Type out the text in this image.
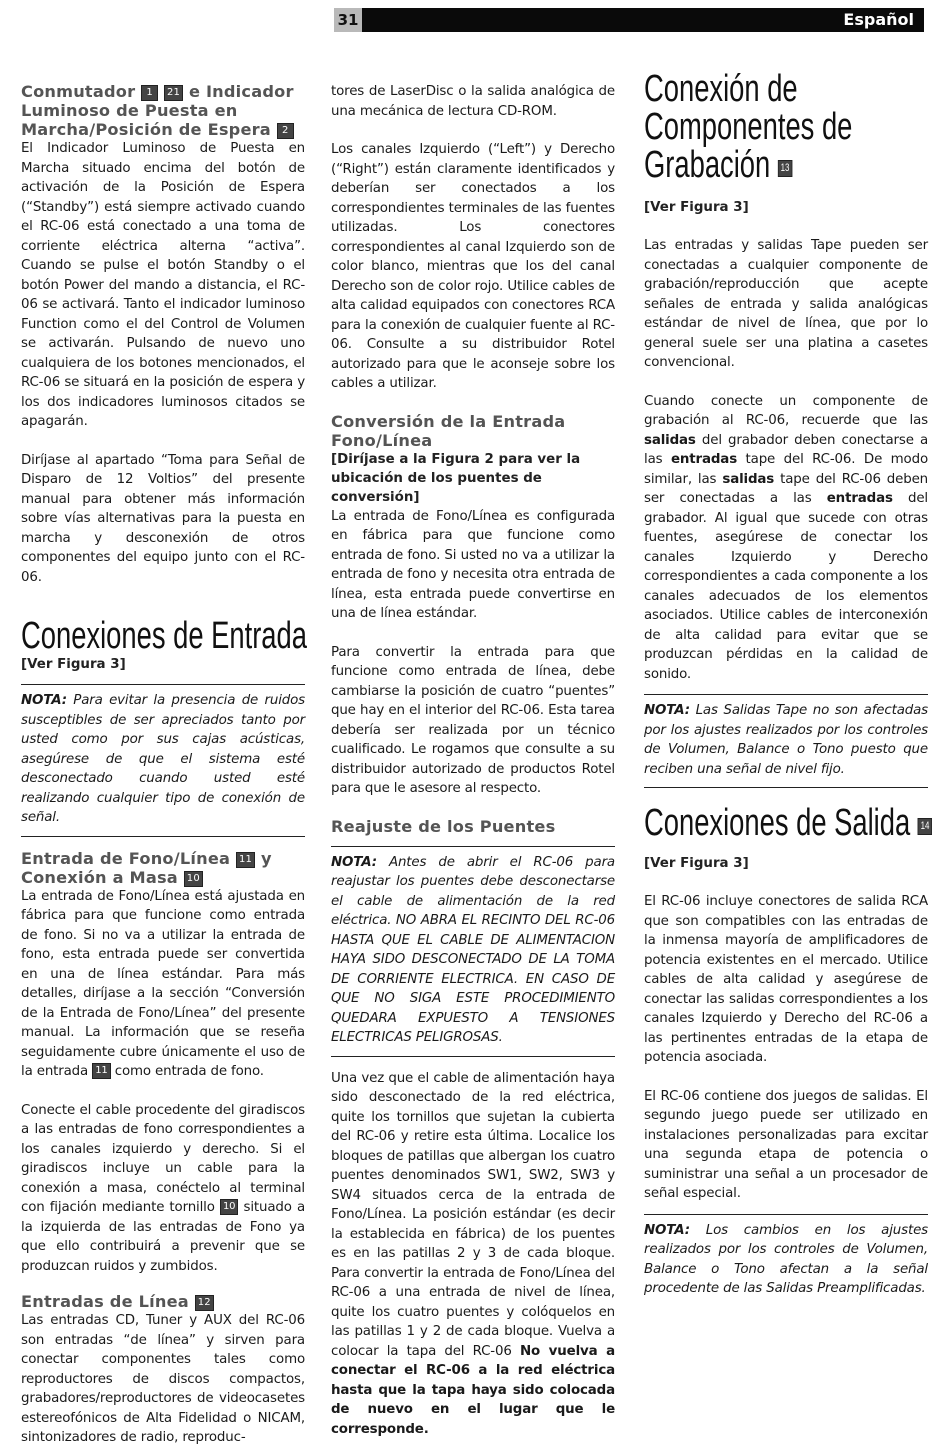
31	Español
Conmutador 1 21 e Indicador Luminoso de Puesta en Marcha/Posición de Espera 2

El Indicador Luminoso de Puesta en Marcha situado encima del botón de activación de la Posición de Espera (“Standby”) está siempre activado cuando el RC-06 está conectado a una toma de corriente eléctrica alterna “activa”. Cuando se pulse el botón Standby o el botón Power del mando a distancia, el RC-06 se activará. Tanto el indicador luminoso Function como el del Control de Volumen se activarán. Pulsando de nuevo uno cualquiera de los botones mencionados, el RC-06 se situará en la posición de espera y los dos indicadores luminosos citados se apagarán.

Diríjase al apartado “Toma para Señal de Disparo de 12 Voltios” del presente manual para obtener más información sobre vías alternativas para la puesta en marcha y desconexión de otros componentes del equipo junto con el RC-06.

Conexiones de Entrada
[Ver Figura 3]

NOTA: Para evitar la presencia de ruidos susceptibles de ser apreciados tanto por usted como por sus cajas acústicas, asegúrese de que el sistema esté desconectado cuando usted esté realizando cualquier tipo de conexión de señal.

Entrada de Fono/Línea 11 y Conexión a Masa 10

La entrada de Fono/Línea está ajustada en fábrica para que funcione como entrada de fono. Si no va a utilizar la entrada de fono, esta entrada puede ser convertida en una de línea estándar. Para más detalles, diríjase a la sección “Conversión de la Entrada de Fono/Línea” del presente manual. La información que se reseña seguidamente cubre únicamente el uso de la entrada 11 como entrada de fono.

Conecte el cable procedente del giradiscos a las entradas de fono correspondientes a los canales izquierdo y derecho. Si el giradiscos incluye un cable para la conexión a masa, conéctelo al terminal con fijación mediante tornillo 10 situado a la izquierda de las entradas de Fono ya que ello contribuirá a prevenir que se produzcan ruidos y zumbidos.

Entradas de Línea 12

Las entradas CD, Tuner y AUX del RC-06 son entradas “de línea” y sirven para conectar componentes tales como reproductores de discos compactos, grabadores/reproductores de videocasetes estereofónicos de Alta Fidelidad o NICAM, sintonizadores de radio, reproduc-

tores de LaserDisc o la salida analógica de una mecánica de lectura CD-ROM.

Los canales Izquierdo (“Left”) y Derecho (“Right”) están claramente identificados y deberían ser conectados a los correspondientes terminales de las fuentes utilizadas. Los conectores correspondientes al canal Izquierdo son de color blanco, mientras que los del canal Derecho son de color rojo. Utilice cables de alta calidad equipados con conectores RCA para la conexión de cualquier fuente al RC-06. Consulte a su distribuidor Rotel autorizado para que le aconseje sobre los cables a utilizar.

Conversión de la Entrada Fono/Línea
[Diríjase a la Figura 2 para ver la ubicación de los puentes de conversión]

La entrada de Fono/Línea es configurada en fábrica para que funcione como entrada de fono. Si usted no va a utilizar la entrada de fono y necesita otra entrada de línea, esta entrada puede convertirse en una de línea estándar.

Para convertir la entrada para que funcione como entrada de línea, debe cambiarse la posición de cuatro “puentes” que hay en el interior del RC-06. Esta tarea debería ser realizada por un técnico cualificado. Le rogamos que consulte a su distribuidor autorizado de productos Rotel para que le asesore al respecto.

Reajuste de los Puentes

NOTA: Antes de abrir el RC-06 para reajustar los puentes debe desconectarse el cable de alimentación de la red eléctrica. NO ABRA EL RECINTO DEL RC-06 HASTA QUE EL CABLE DE ALIMENTACION HAYA SIDO DESCONECTADO DE LA TOMA DE CORRIENTE ELECTRICA. EN CASO DE QUE NO SIGA ESTE PROCEDIMIENTO QUEDARA EXPUESTO A TENSIONES ELECTRICAS PELIGROSAS.

Una vez que el cable de alimentación haya sido desconectado de la red eléctrica, quite los tornillos que sujetan la cubierta del RC-06 y retire esta última. Localice los bloques de patillas que albergan los cuatro puentes denominados SW1, SW2, SW3 y SW4 situados cerca de la entrada de Fono/Línea. La posición estándar (es decir la establecida en fábrica) de los puentes es en las patillas 2 y 3 de cada bloque. Para convertir la entrada de Fono/Línea del RC-06 a una entrada de nivel de línea, quite los cuatro puentes y colóquelos en las patillas 1 y 2 de cada bloque. Vuelva a colocar la tapa del RC-06 No vuelva a conectar el RC-06 a la red eléctrica hasta que la tapa haya sido colocada de nuevo en el lugar que le corresponde.

Conexión de
Componentes de
Grabación 13
[Ver Figura 3]

Las entradas y salidas Tape pueden ser conectadas a cualquier componente de grabación/reproducción que acepte señales de entrada y salida analógicas estándar de nivel de línea, que por lo general suele ser una platina a casetes convencional.

Cuando conecte un componente de grabación al RC-06, recuerde que las salidas del grabador deben conectarse a las entradas tape del RC-06. De modo similar, las salidas tape del RC-06 deben ser conectadas a las entradas del grabador. Al igual que sucede con otras fuentes, asegúrese de conectar los canales Izquierdo y Derecho correspondientes a cada componente a los canales adecuados de los elementos asociados. Utilice cables de interconexión de alta calidad para evitar que se produzcan pérdidas en la calidad de sonido.

NOTA: Las Salidas Tape no son afectadas por los ajustes realizados por los controles de Volumen, Balance o Tono puesto que reciben una señal de nivel fijo.

Conexiones de Salida 14
[Ver Figura 3]

El RC-06 incluye conectores de salida RCA que son compatibles con las entradas de la inmensa mayoría de amplificadores de potencia existentes en el mercado. Utilice cables de alta calidad y asegúrese de conectar las salidas correspondientes a los canales Izquierdo y Derecho del RC-06 a las pertinentes entradas de la etapa de potencia asociada.

El RC-06 contiene dos juegos de salidas. El segundo juego puede ser utilizado en instalaciones personalizadas para excitar una segunda etapa de potencia o suministrar una señal a un procesador de señal especial.

NOTA: Los cambios en los ajustes realizados por los controles de Volumen, Balance o Tono afectan a la señal procedente de las Salidas Preamplificadas.
